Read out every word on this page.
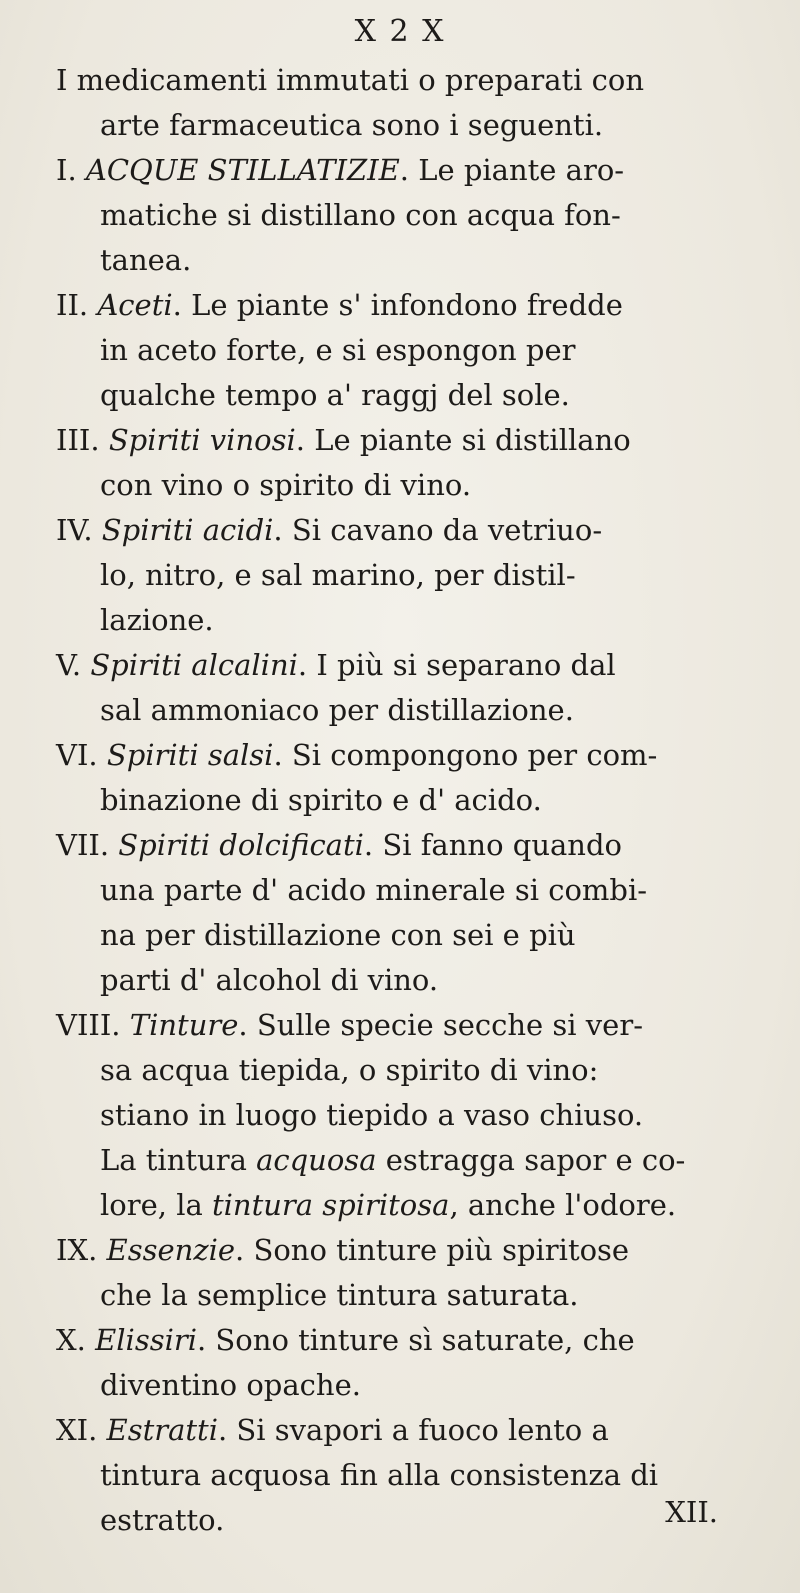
X 2 X

I medicamenti immutati o preparati con
arte farmaceutica sono i seguenti.

I. ACQUE STILLATIZIE. Le piante aro-
matiche si distillano con acqua fon-
tanea.

II. Aceti. Le piante s' infondono fredde
in aceto forte, e si espongon per
qualche tempo a' raggj del sole.

III. Spiriti vinosi. Le piante si distillano
con vino o spirito di vino.

IV. Spiriti acidi. Si cavano da vetriuo-
lo, nitro, e sal marino, per distil-
lazione.

V. Spiriti alcalini. I più si separano dal
sal ammoniaco per distillazione.

VI. Spiriti salsi. Si compongono per com-
binazione di spirito e d' acido.

VII. Spiriti dolcificati. Si fanno quando
una parte d' acido minerale si combi-
na per distillazione con sei e più
parti d' alcohol di vino.

VIII. Tinture. Sulle specie secche si ver-
sa acqua tiepida, o spirito di vino:
stiano in luogo tiepido a vaso chiuso.
La tintura acquosa estragga sapor e co-
lore, la tintura spiritosa, anche l'odore.

IX. Essenzie. Sono tinture più spiritose
che la semplice tintura saturata.

X. Elissiri. Sono tinture sì saturate, che
diventino opache.

XI. Estratti. Si svapori a fuoco lento a
tintura acquosa fin alla consistenza di
estratto.	XII.
